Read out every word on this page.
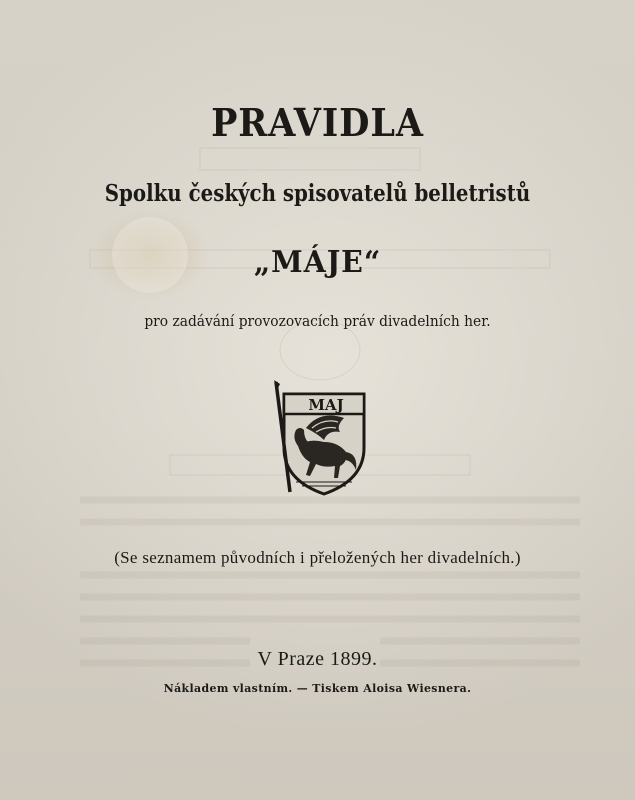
PRAVIDLA
Spolku českých spisovatelů belletristů
„MÁJE“
pro zadávání provozovacích práv divadelních her.
MAJ
(Se seznamem původních i přeložených her divadelních.)
V Praze 1899.
Nákladem vlastním. — Tiskem Aloisa Wiesnera.
